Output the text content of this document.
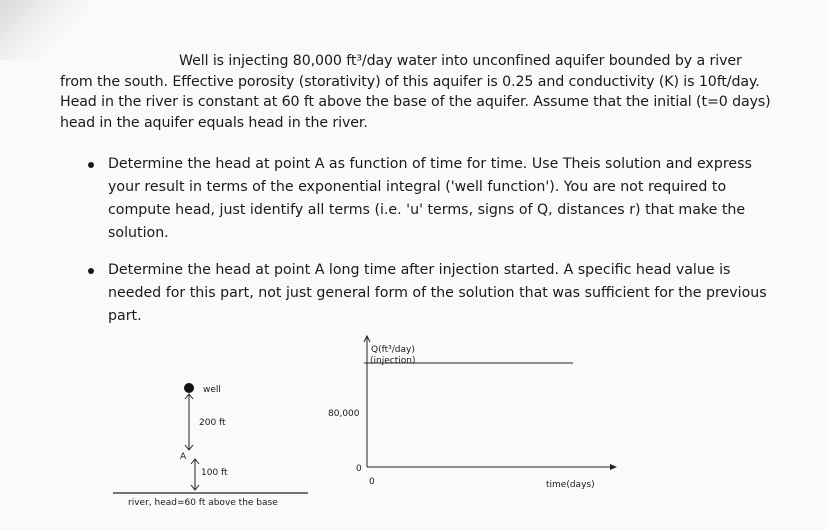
Well is injecting 80,000 ft³/day water into unconfined aquifer bounded by a river
from the south. Effective porosity (storativity) of this aquifer is 0.25 and conductivity (K) is 10ft/day.
Head in the river is constant at 60 ft above the base of the aquifer. Assume that the initial (t=0 days)
head in the aquifer equals head in the river.
Determine the head at point A as function of time for time. Use Theis solution and express
your result in terms of the exponential integral ('well function'). You are not required to
compute head, just identify all terms (i.e. 'u' terms, signs of Q, distances r) that make the
solution.
Determine the head at point A long time after injection started. A specific head value is
needed for this part, not just general form of the solution that was sufficient for the previous
part.
well
200 ft
A
100 ft
river, head=60 ft above the base
Q(ft³/day)
(injection)
80,000
0
0	time(days)
